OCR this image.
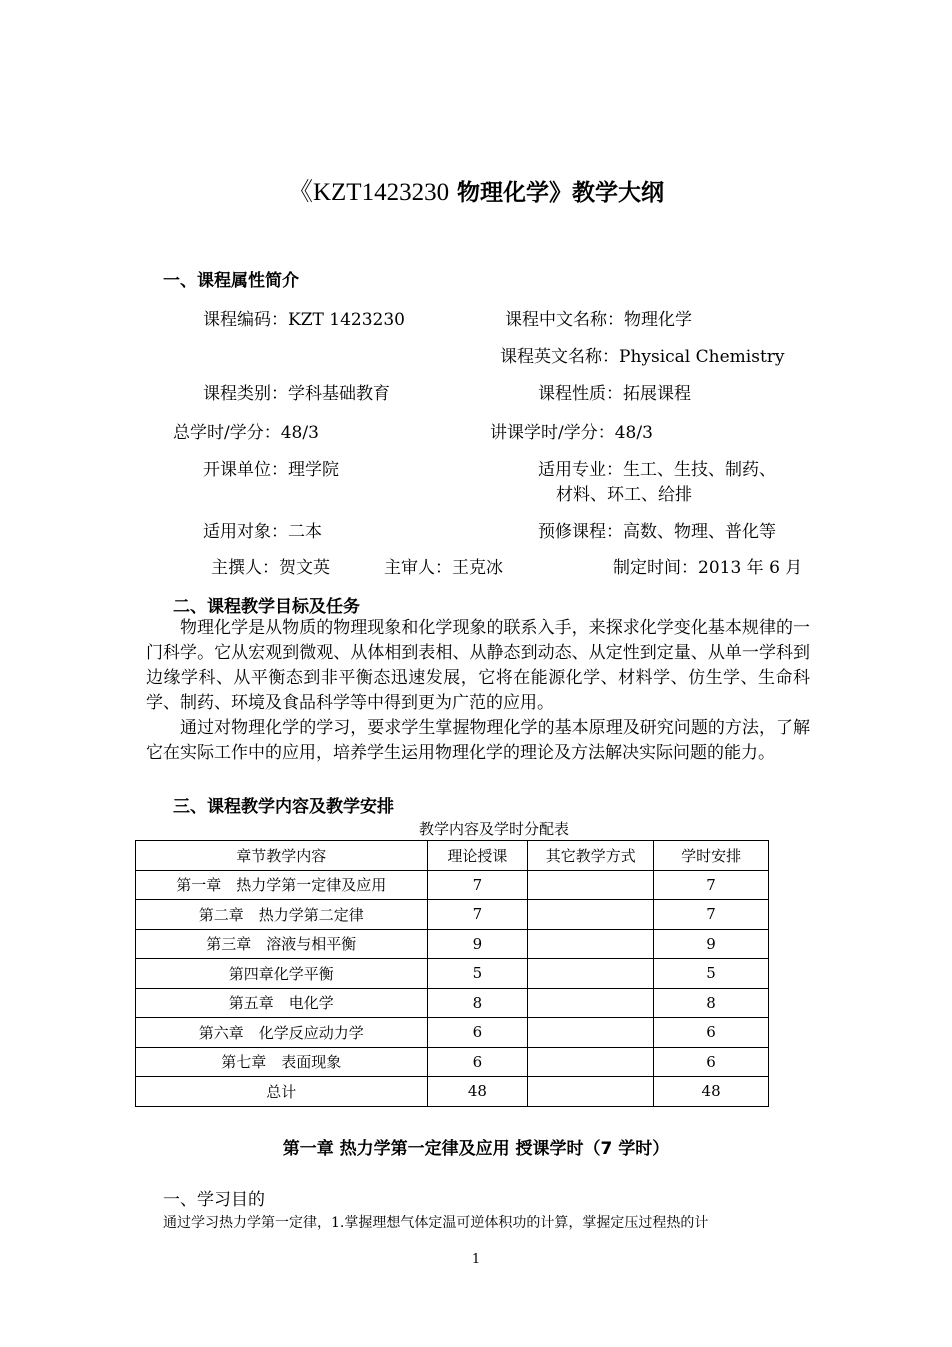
《KZT1423230 物理化学》教学大纲
一、课程属性简介
课程编码：KZT 1423230	课程中文名称：物理化学
课程英文名称：Physical Chemistry
课程类别：学科基础教育	课程性质：拓展课程
总学时/学分：48/3	讲课学时/学分：48/3
开课单位：理学院	适用专业：生工、生技、制药、
材料、环工、给排
适用对象：二本	预修课程：高数、物理、普化等
主撰人：贺文英	主审人：王克冰	制定时间：2013 年 6 月
二、课程教学目标及任务

物理化学是从物质的物理现象和化学现象的联系入手，来探求化学变化基本规律的一门科学。它从宏观到微观、从体相到表相、从静态到动态、从定性到定量、从单一学科到边缘学科、从平衡态到非平衡态迅速发展，它将在能源化学、材料学、仿生学、生命科学、制药、环境及食品科学等中得到更为广范的应用。

通过对物理化学的学习，要求学生掌握物理化学的基本原理及研究问题的方法，了解它在实际工作中的应用，培养学生运用物理化学的理论及方法解决实际问题的能力。

三、课程教学内容及教学安排
教学内容及学时分配表
章节教学内容	理论授课	其它教学方式	学时安排
第一章　热力学第一定律及应用	7		7
第二章　热力学第二定律	7		7
第三章　溶液与相平衡	9		9
第四章化学平衡	5		5
第五章　电化学	8		8
第六章　化学反应动力学	6		6
第七章　表面现象	6		6
总计	48		48
第一章 热力学第一定律及应用 授课学时（7 学时）
一、学习目的
通过学习热力学第一定律，1.掌握理想气体定温可逆体积功的计算，掌握定压过程热的计
1
